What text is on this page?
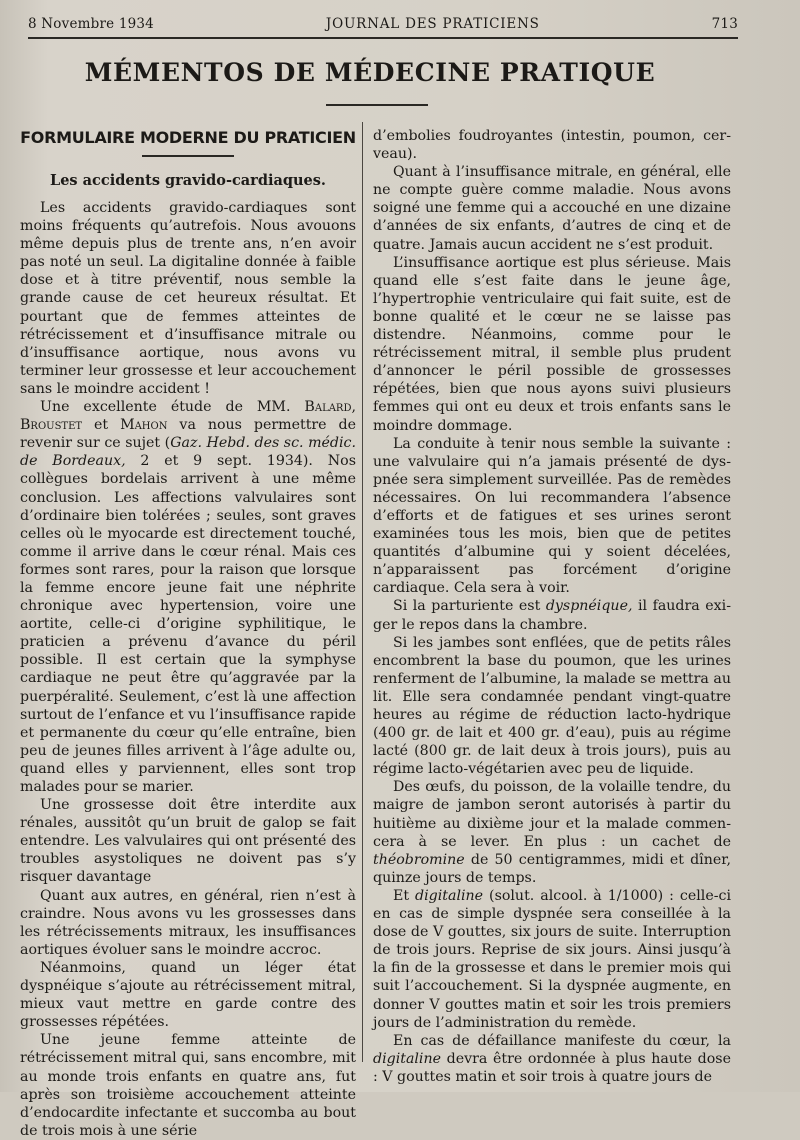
8 Novembre 1934	JOURNAL DES PRATICIENS	713
MÉMENTOS DE MÉDECINE PRATIQUE
FORMULAIRE MODERNE DU PRATICIEN
Les accidents gravido-cardiaques.

Les accidents gravido-cardiaques sont moins fréquents qu’autrefois. Nous avouons même depuis plus de trente ans, n’en avoir pas noté un seul. La digitaline donnée à faible dose et à titre préventif, nous semble la grande cause de cet heureux résultat. Et pourtant que de femmes atteintes de rétrécissement et d’insuffisance mitrale ou d’insuffisance aortique, nous avons vu terminer leur grossesse et leur accouchement sans le moindre accident !

Une excellente étude de MM. Balard, Broustet et Mahon va nous permettre de revenir sur ce sujet (Gaz. Hebd. des sc. médic. de Bordeaux, 2 et 9 sept. 1934). Nos collègues bordelais arrivent à une même conclusion. Les affections valvulaires sont d’ordinaire bien tolérées ; seules, sont graves celles où le myocarde est directement touché, comme il arrive dans le cœur rénal. Mais ces formes sont rares, pour la raison que lorsque la femme encore jeune fait une néphrite chronique avec hypertension, voire une aortite, celle-ci d’origine syphilitique, le praticien a prévenu d’avance du péril possible. Il est certain que la symphyse cardiaque ne peut être qu’aggravée par la puerpéralité. Seulement, c’est là une affection surtout de l’enfance et vu l’insuffisance rapide et permanente du cœur qu’elle entraîne, bien peu de jeunes filles arrivent à l’âge adulte ou, quand elles y parviennent, elles sont trop malades pour se marier.

Une grossesse doit être interdite aux rénales, aussitôt qu’un bruit de galop se fait entendre. Les valvulaires qui ont présenté des troubles asystoliques ne doivent pas s’y risquer davantage

Quant aux autres, en général, rien n’est à craindre. Nous avons vu les grossesses dans les rétrécissements mitraux, les insuffisances aortiques évoluer sans le moindre accroc.

Néanmoins, quand un léger état dyspnéique s’ajoute au rétrécissement mitral, mieux vaut mettre en garde contre des grossesses répétées.

Une jeune femme atteinte de rétrécissement mitral qui, sans encombre, mit au monde trois enfants en quatre ans, fut après son troisième accouchement atteinte d’endocardite infectante et succomba au bout de trois mois à une série

d’embolies foudroyantes (intestin, poumon, cerveau).

Quant à l’insuffisance mitrale, en général, elle ne compte guère comme maladie. Nous avons soigné une femme qui a accouché en une dizaine d’années de six enfants, d’autres de cinq et de quatre. Jamais aucun accident ne s’est produit.

L’insuffisance aortique est plus sérieuse. Mais quand elle s’est faite dans le jeune âge, l’hypertrophie ventriculaire qui fait suite, est de bonne qualité et le cœur ne se laisse pas distendre. Néanmoins, comme pour le rétrécissement mitral, il semble plus prudent d’annoncer le péril possible de grossesses répétées, bien que nous ayons suivi plusieurs femmes qui ont eu deux et trois enfants sans le moindre dommage.

La conduite à tenir nous semble la suivante : une valvulaire qui n’a jamais présenté de dyspnée sera simplement surveillée. Pas de remèdes nécessaires. On lui recommandera l’absence d’efforts et de fatigues et ses urines seront examinées tous les mois, bien que de petites quantités d’albumine qui y soient décelées, n’apparaissent pas forcément d’origine cardiaque. Cela sera à voir.

Si la parturiente est dyspnéique, il faudra exiger le repos dans la chambre.

Si les jambes sont enflées, que de petits râles encombrent la base du poumon, que les urines renferment de l’albumine, la malade se mettra au lit. Elle sera condamnée pendant vingt-quatre heures au régime de réduction lacto-hydrique (400 gr. de lait et 400 gr. d’eau), puis au régime lacté (800 gr. de lait deux à trois jours), puis au régime lacto-végétarien avec peu de liquide.

Des œufs, du poisson, de la volaille tendre, du maigre de jambon seront autorisés à partir du huitième au dixième jour et la malade commencera à se lever. En plus : un cachet de théobromine de 50 centigrammes, midi et dîner, quinze jours de temps.

Et digitaline (solut. alcool. à 1/1000) : celle-ci en cas de simple dyspnée sera conseillée à la dose de V gouttes, six jours de suite. Interruption de trois jours. Reprise de six jours. Ainsi jusqu’à la fin de la grossesse et dans le premier mois qui suit l’accouchement. Si la dyspnée augmente, en donner V gouttes matin et soir les trois premiers jours de l’administration du remède.

En cas de défaillance manifeste du cœur, la digitaline devra être ordonnée à plus haute dose : V gouttes matin et soir trois à quatre jours de
